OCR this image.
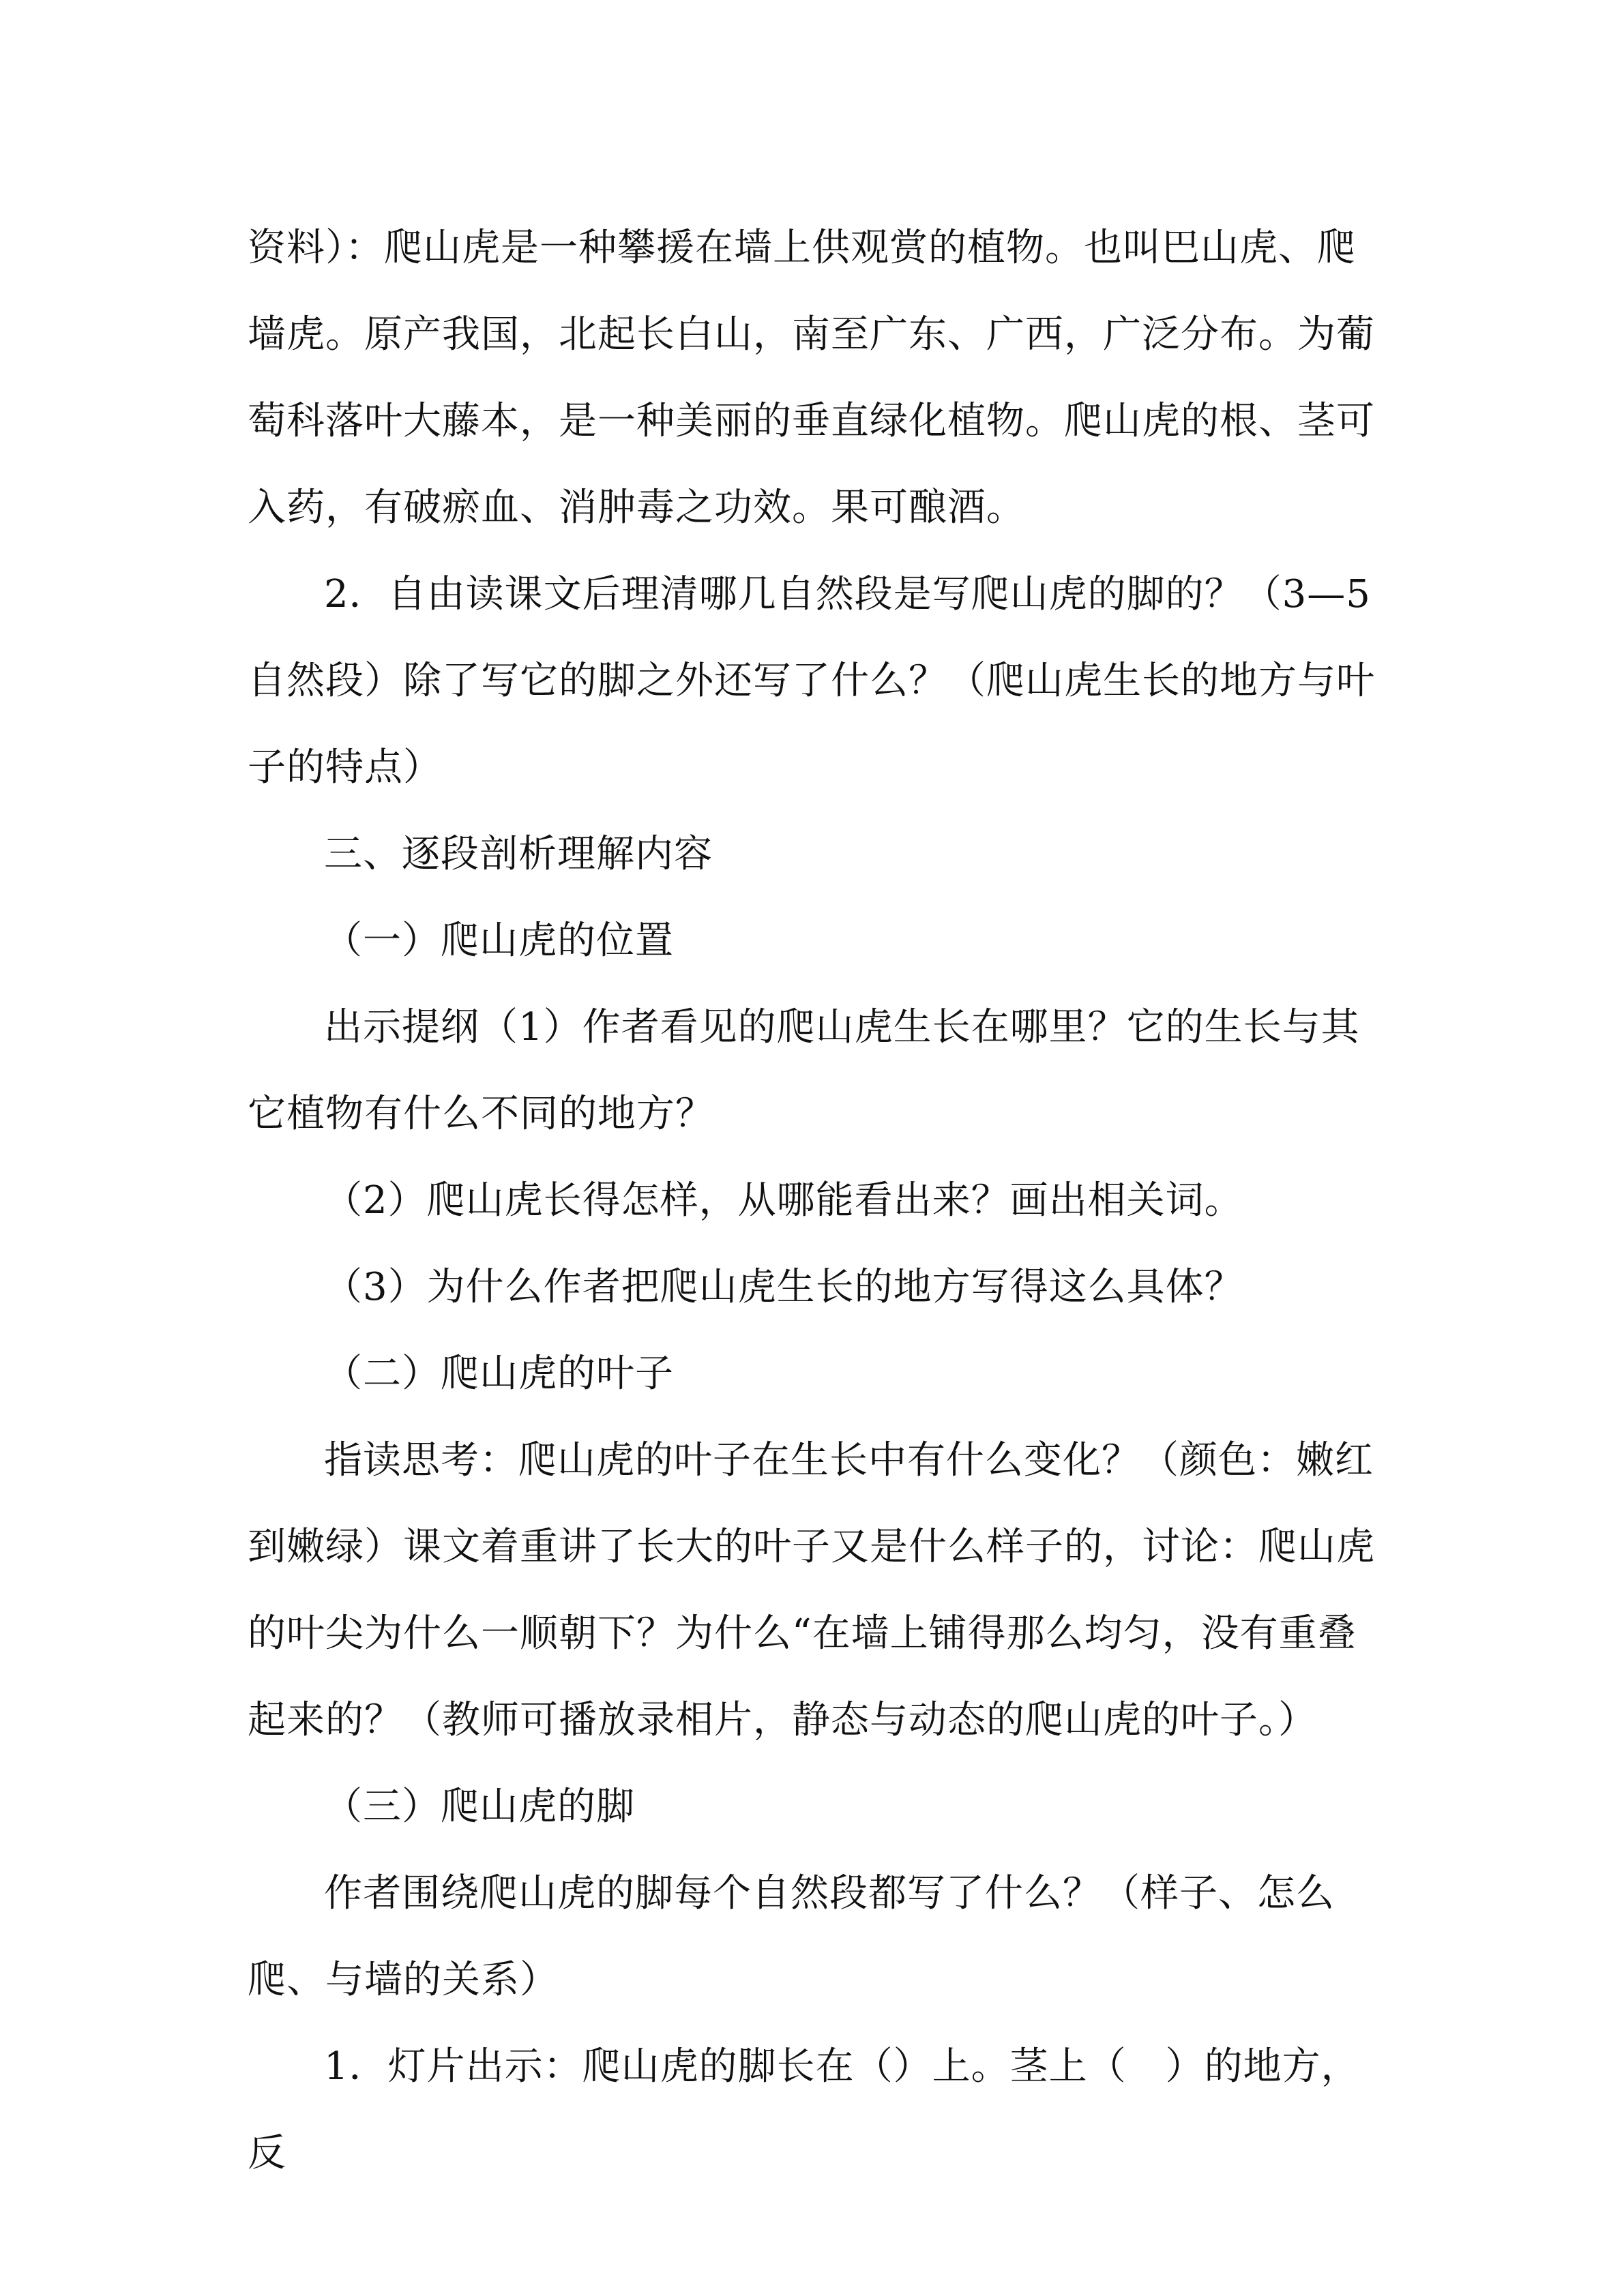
资料）：爬山虎是一种攀援在墙上供观赏的植物。也叫巴山虎、爬墙虎。原产我国，北起长白山，南至广东、广西，广泛分布。为葡萄科落叶大藤本，是一种美丽的垂直绿化植物。爬山虎的根、茎可入药，有破瘀血、消肿毒之功效。果可酿酒。

2．自由读课文后理清哪几自然段是写爬山虎的脚的？（3—5自然段）除了写它的脚之外还写了什么？（爬山虎生长的地方与叶子的特点）

三、逐段剖析理解内容

（一）爬山虎的位置

出示提纲（1）作者看见的爬山虎生长在哪里？它的生长与其它植物有什么不同的地方？

（2）爬山虎长得怎样，从哪能看出来？画出相关词。

（3）为什么作者把爬山虎生长的地方写得这么具体？

（二）爬山虎的叶子

指读思考：爬山虎的叶子在生长中有什么变化？（颜色：嫩红到嫩绿）课文着重讲了长大的叶子又是什么样子的，讨论：爬山虎的叶尖为什么一顺朝下？为什么“在墙上铺得那么均匀，没有重叠起来的？（教师可播放录相片，静态与动态的爬山虎的叶子。）

（三）爬山虎的脚

作者围绕爬山虎的脚每个自然段都写了什么？（样子、怎么爬、与墙的关系）

1．灯片出示：爬山虎的脚长在（）上。茎上（　）的地方，反
